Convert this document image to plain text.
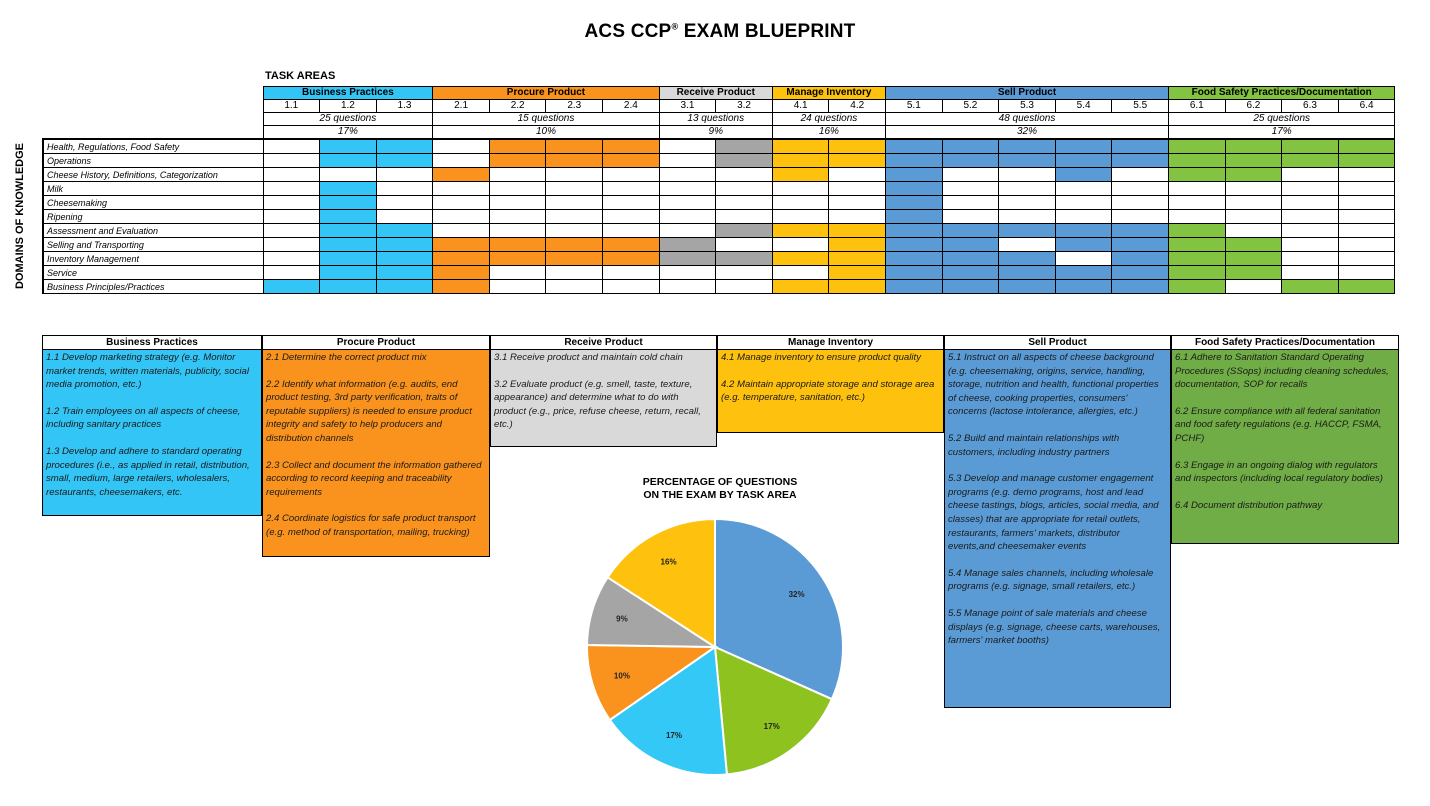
ACS CCP® EXAM BLUEPRINT
TASK AREAS
DOMAINS OF KNOWLEDGE
	Business Practices			Procure Product				Receive Product		Manage Inventory		Sell Product					Food Safety Practices/Documentation			
	1.1	1.2	1.3	2.1	2.2	2.3	2.4	3.1	3.2	4.1	4.2	5.1	5.2	5.3	5.4	5.5	6.1	6.2	6.3	6.4
	25 questions			15 questions				13 questions		24 questions		48 questions					25 questions			
	17%			10%				9%		16%		32%					17%			
Health, Regulations, Food Safety																				
Operations																				
Cheese History, Definitions, Categorization																				
Milk																				
Cheesemaking																				
Ripening																				
Assessment and Evaluation																				
Selling and Transporting																				
Inventory Management																				
Service																				
Business Principles/Practices																				
Business Practices

1.1 Develop marketing strategy (e.g. Monitor market trends, written materials, publicity, social media promotion, etc.)

1.2 Train employees on all aspects of cheese, including sanitary practices

1.3 Develop and adhere to standard operating procedures (i.e., as applied in retail, distribution, small, medium, large retailers, wholesalers, restaurants, cheesemakers, etc.

Procure Product

2.1 Determine the correct product mix

2.2 Identify what information (e.g. audits, end product testing, 3rd party verification, traits of reputable suppliers) is needed to ensure product integrity and safety to help producers and distribution channels

2.3 Collect and document the information gathered according to record keeping and traceability requirements

2.4 Coordinate logistics for safe product transport (e.g. method of transportation, mailing, trucking)

Receive Product

3.1 Receive product and maintain cold chain

3.2 Evaluate product (e.g. smell, taste, texture, appearance) and determine what to do with product (e.g., price, refuse cheese, return, recall, etc.)

Manage Inventory

4.1 Manage inventory to ensure product quality

4.2 Maintain appropriate storage and storage area (e.g. temperature, sanitation, etc.)

Sell Product

5.1 Instruct on all aspects of cheese background (e.g. cheesemaking, origins, service, handling, storage, nutrition and health, functional properties of cheese, cooking properties, consumers' concerns (lactose intolerance, allergies, etc.)

5.2 Build and maintain relationships with customers, including industry partners

5.3 Develop and manage customer engagement programs (e.g. demo programs, host and lead cheese tastings, blogs, articles, social media, and classes) that are appropriate for retail outlets, restaurants, farmers' markets, distributor events,and cheesemaker events

5.4 Manage sales channels, including wholesale programs (e.g. signage, small retailers, etc.)

5.5 Manage point of sale materials and cheese displays (e.g. signage, cheese carts, warehouses, farmers' market booths)

Food Safety Practices/Documentation

6.1 Adhere to Sanitation Standard Operating Procedures (SSops) including cleaning schedules, documentation, SOP for recalls

6.2 Ensure compliance with all federal sanitation and food safety regulations (e.g. HACCP, FSMA, PCHF)

6.3 Engage in an ongoing dialog with regulators and inspectors (including local regulatory bodies)

6.4 Document distribution pathway

PERCENTAGE OF QUESTIONS
ON THE EXAM BY TASK AREA
32%
17%
17%
10%
9%
16%
